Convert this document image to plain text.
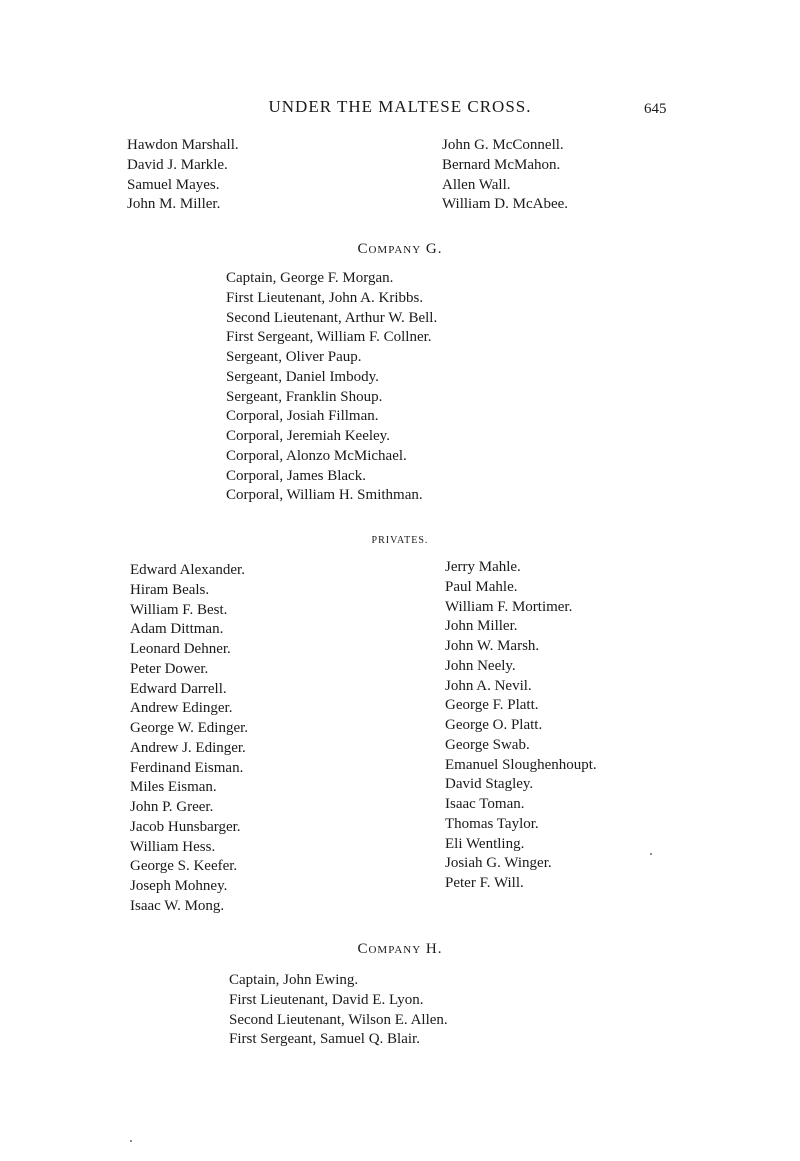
UNDER THE MALTESE CROSS.	645
Hawdon Marshall.
David J. Markle.
Samuel Mayes.
John M. Miller.
John G. McConnell.
Bernard McMahon.
Allen Wall.
William D. McAbee.
Company G.
Captain, George F. Morgan.
First Lieutenant, John A. Kribbs.
Second Lieutenant, Arthur W. Bell.
First Sergeant, William F. Collner.
Sergeant, Oliver Paup.
Sergeant, Daniel Imbody.
Sergeant, Franklin Shoup.
Corporal, Josiah Fillman.
Corporal, Jeremiah Keeley.
Corporal, Alonzo McMichael.
Corporal, James Black.
Corporal, William H. Smithman.
PRIVATES.
Edward Alexander.
Hiram Beals.
William F. Best.
Adam Dittman.
Leonard Dehner.
Peter Dower.
Edward Darrell.
Andrew Edinger.
George W. Edinger.
Andrew J. Edinger.
Ferdinand Eisman.
Miles Eisman.
John P. Greer.
Jacob Hunsbarger.
William Hess.
George S. Keefer.
Joseph Mohney.
Isaac W. Mong.
Jerry Mahle.
Paul Mahle.
William F. Mortimer.
John Miller.
John W. Marsh.
John Neely.
John A. Nevil.
George F. Platt.
George O. Platt.
George Swab.
Emanuel Sloughenhoupt.
David Stagley.
Isaac Toman.
Thomas Taylor.
Eli Wentling.
Josiah G. Winger.
Peter F. Will.
Company H.
Captain, John Ewing.
First Lieutenant, David E. Lyon.
Second Lieutenant, Wilson E. Allen.
First Sergeant, Samuel Q. Blair.
